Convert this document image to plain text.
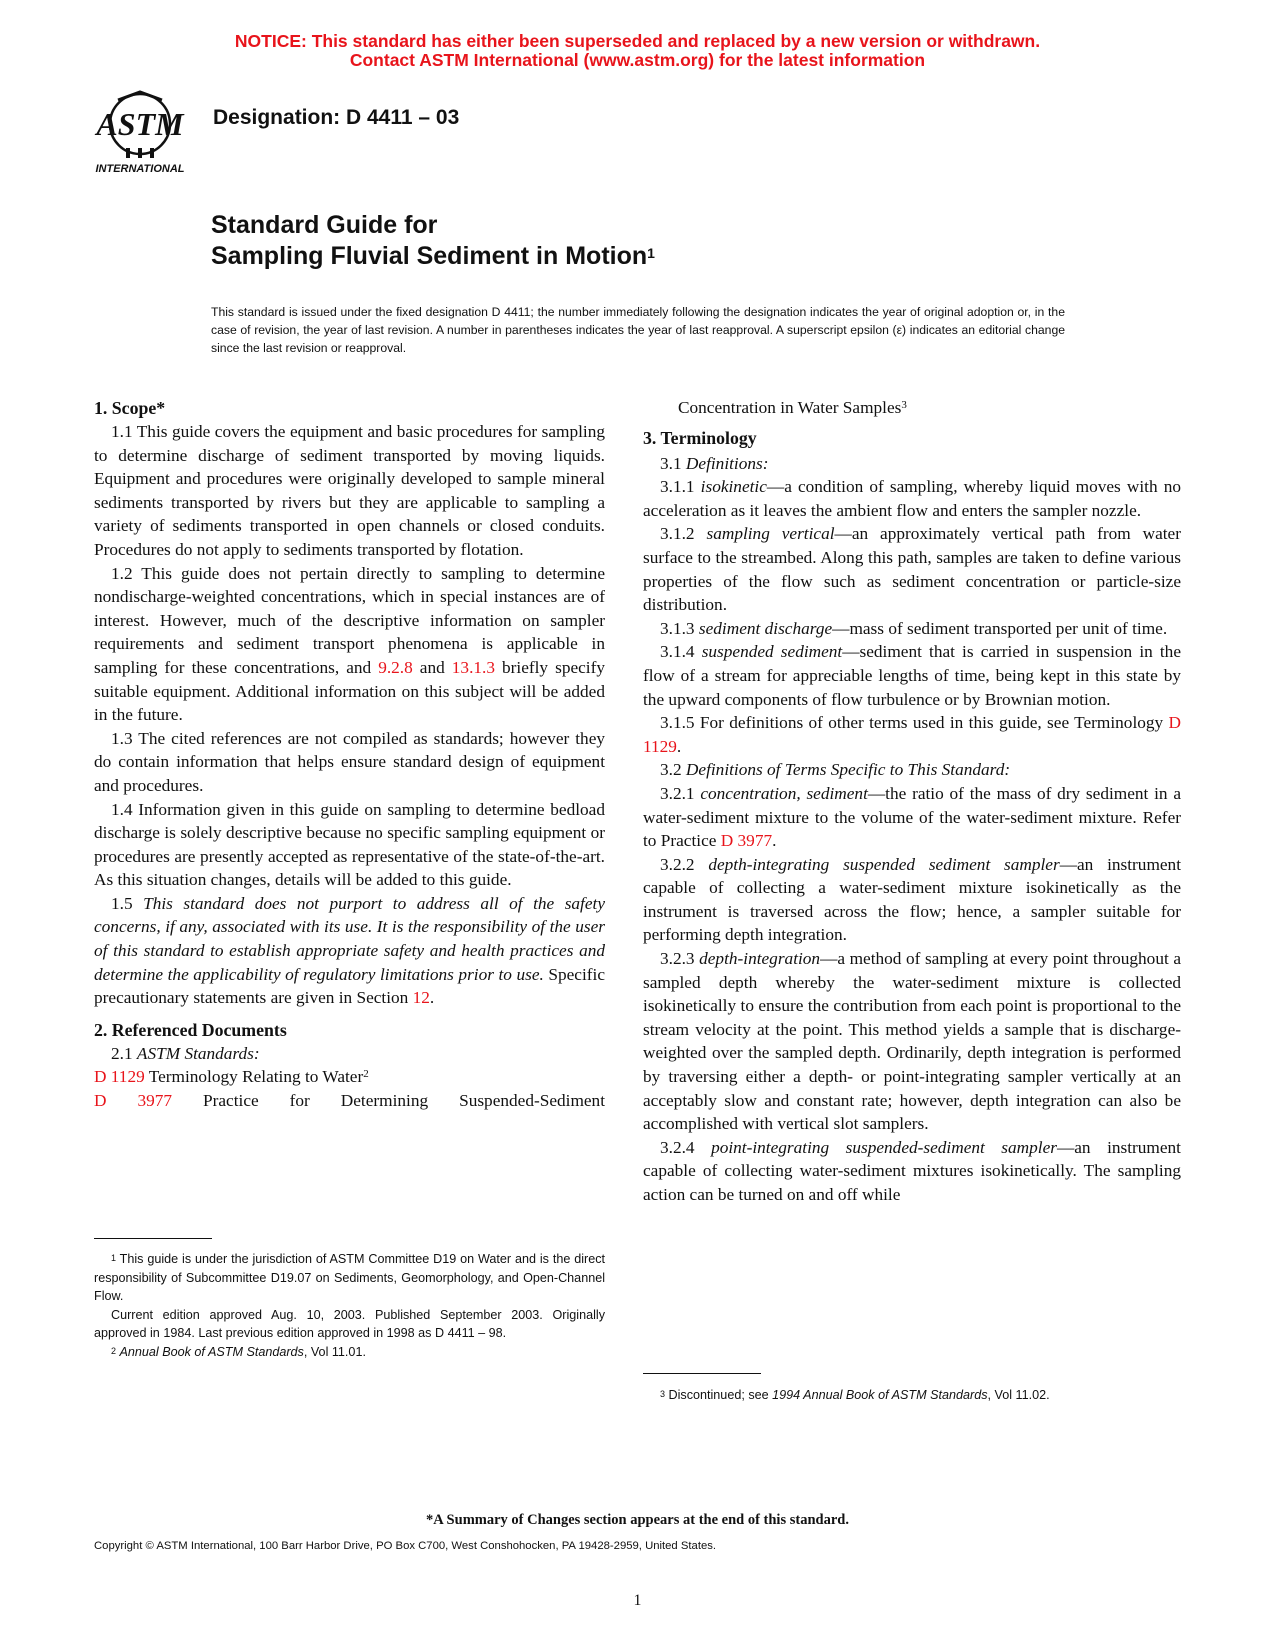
NOTICE: This standard has either been superseded and replaced by a new version or withdrawn.
Contact ASTM International (www.astm.org) for the latest information
ASTM
INTERNATIONAL
Designation: D 4411 – 03
Standard Guide for
Sampling Fluvial Sediment in Motion$^1$
This standard is issued under the fixed designation D 4411; the number immediately following the designation indicates the year of original adoption or, in the case of revision, the year of last revision. A number in parentheses indicates the year of last reapproval. A superscript epsilon (ε) indicates an editorial change since the last revision or reapproval.
1. Scope*

1.1 This guide covers the equipment and basic procedures for sampling to determine discharge of sediment transported by moving liquids. Equipment and procedures were originally developed to sample mineral sediments transported by rivers but they are applicable to sampling a variety of sediments transported in open channels or closed conduits. Procedures do not apply to sediments transported by flotation.

1.2 This guide does not pertain directly to sampling to determine nondischarge-weighted concentrations, which in special instances are of interest. However, much of the descriptive information on sampler requirements and sediment transport phenomena is applicable in sampling for these concentrations, and 9.2.8 and 13.1.3 briefly specify suitable equipment. Additional information on this subject will be added in the future.

1.3 The cited references are not compiled as standards; however they do contain information that helps ensure standard design of equipment and procedures.

1.4 Information given in this guide on sampling to determine bedload discharge is solely descriptive because no specific sampling equipment or procedures are presently accepted as representative of the state-of-the-art. As this situation changes, details will be added to this guide.

1.5 This standard does not purport to address all of the safety concerns, if any, associated with its use. It is the responsibility of the user of this standard to establish appropriate safety and health practices and determine the applicability of regulatory limitations prior to use. Specific precautionary statements are given in Section 12.

2. Referenced Documents

2.1 ASTM Standards:

D 1129 Terminology Relating to Water$^2$

D 3977 Practice for Determining Suspended-Sediment

$^1$ This guide is under the jurisdiction of ASTM Committee D19 on Water and is the direct responsibility of Subcommittee D19.07 on Sediments, Geomorphology, and Open-Channel Flow.

Current edition approved Aug. 10, 2003. Published September 2003. Originally approved in 1984. Last previous edition approved in 1998 as D 4411 – 98.

$^2$ Annual Book of ASTM Standards, Vol 11.01.

Concentration in Water Samples$^3$

3. Terminology

3.1 Definitions:

3.1.1 isokinetic—a condition of sampling, whereby liquid moves with no acceleration as it leaves the ambient flow and enters the sampler nozzle.

3.1.2 sampling vertical—an approximately vertical path from water surface to the streambed. Along this path, samples are taken to define various properties of the flow such as sediment concentration or particle-size distribution.

3.1.3 sediment discharge—mass of sediment transported per unit of time.

3.1.4 suspended sediment—sediment that is carried in suspension in the flow of a stream for appreciable lengths of time, being kept in this state by the upward components of flow turbulence or by Brownian motion.

3.1.5 For definitions of other terms used in this guide, see Terminology D 1129.

3.2 Definitions of Terms Specific to This Standard:

3.2.1 concentration, sediment—the ratio of the mass of dry sediment in a water-sediment mixture to the volume of the water-sediment mixture. Refer to Practice D 3977.

3.2.2 depth-integrating suspended sediment sampler—an instrument capable of collecting a water-sediment mixture isokinetically as the instrument is traversed across the flow; hence, a sampler suitable for performing depth integration.

3.2.3 depth-integration—a method of sampling at every point throughout a sampled depth whereby the water-sediment mixture is collected isokinetically to ensure the contribution from each point is proportional to the stream velocity at the point. This method yields a sample that is discharge-weighted over the sampled depth. Ordinarily, depth integration is performed by traversing either a depth- or point-integrating sampler vertically at an acceptably slow and constant rate; however, depth integration can also be accomplished with vertical slot samplers.

3.2.4 point-integrating suspended-sediment sampler—an instrument capable of collecting water-sediment mixtures isokinetically. The sampling action can be turned on and off while

$^3$ Discontinued; see 1994 Annual Book of ASTM Standards, Vol 11.02.

*A Summary of Changes section appears at the end of this standard.
Copyright © ASTM International, 100 Barr Harbor Drive, PO Box C700, West Conshohocken, PA 19428-2959, United States.
1
